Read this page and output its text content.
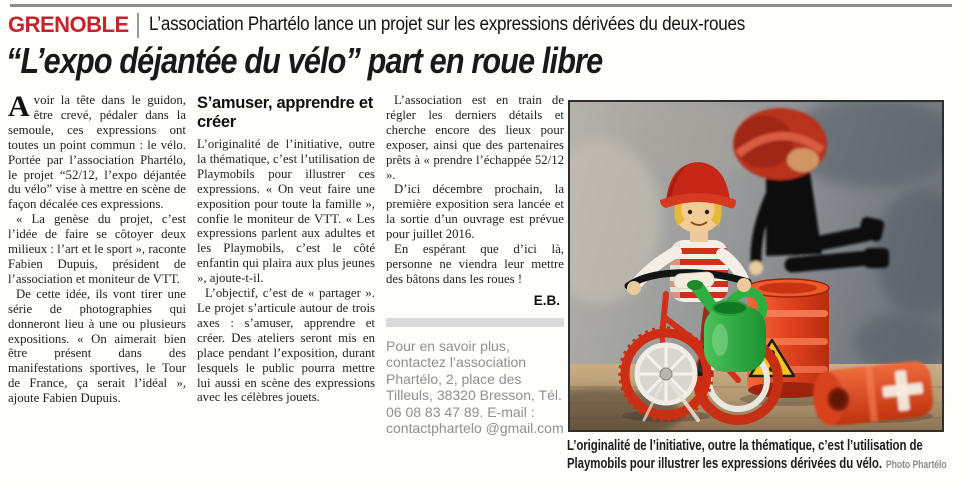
GRENOBLE L’association Phartélo lance un projet sur les expressions dérivées du deux-roues
“L’expo déjantée du vélo” part en roue libre

Avoir la tête dans le guidon, être crevé, pédaler dans la semoule, ces expressions ont toutes un point commun : le vélo. Portée par l’association Phartélo, le projet “52/12, l’expo déjantée du vélo” vise à mettre en scène de façon décalée ces expressions.

« La genèse du projet, c’est l’idée de faire se côtoyer deux milieux : l’art et le sport », raconte Fabien Dupuis, président de l’association et moniteur de VTT.

De cette idée, ils vont tirer une série de photographies qui donneront lieu à une ou plusieurs expositions. « On aimerait bien être présent dans des manifestations sportives, le Tour de France, ça serait l’idéal », ajoute Fabien Dupuis.

S’amuser, apprendre et créer

L’originalité de l’initiative, outre la thématique, c’est l’utilisation de Playmobils pour illustrer ces expressions. « On veut faire une exposition pour toute la famille », confie le moniteur de VTT. « Les expressions parlent aux adultes et les Playmobils, c’est le côté enfantin qui plaira aux plus jeunes », ajoute-t-il.

L’objectif, c’est de « partager ». Le projet s’articule autour de trois axes : s’amuser, apprendre et créer. Des ateliers seront mis en place pendant l’exposition, durant lesquels le public pourra mettre lui aussi en scène des expressions avec les célèbres jouets.

L’association est en train de régler les derniers détails et cherche encore des lieux pour exposer, ainsi que des partenaires prêts à « prendre l’échappée 52/12 ».

D’ici décembre prochain, la première exposition sera lancée et la sortie d’un ouvrage est prévue pour juillet 2016.

En espérant que d’ici là, personne ne viendra leur mettre des bâtons dans les roues !

E.B.
Pour en savoir plus, contactez l’association Phartélo, 2, place des Tilleuls, 38320 Bresson, Tél. 06 08 83 47 89. E-mail : contactphartelo @gmail.com
L’originalité de l’initiative, outre la thématique, c’est l’utilisation de Playmobils pour illustrer les expressions dérivées du vélo. Photo Phartélo
